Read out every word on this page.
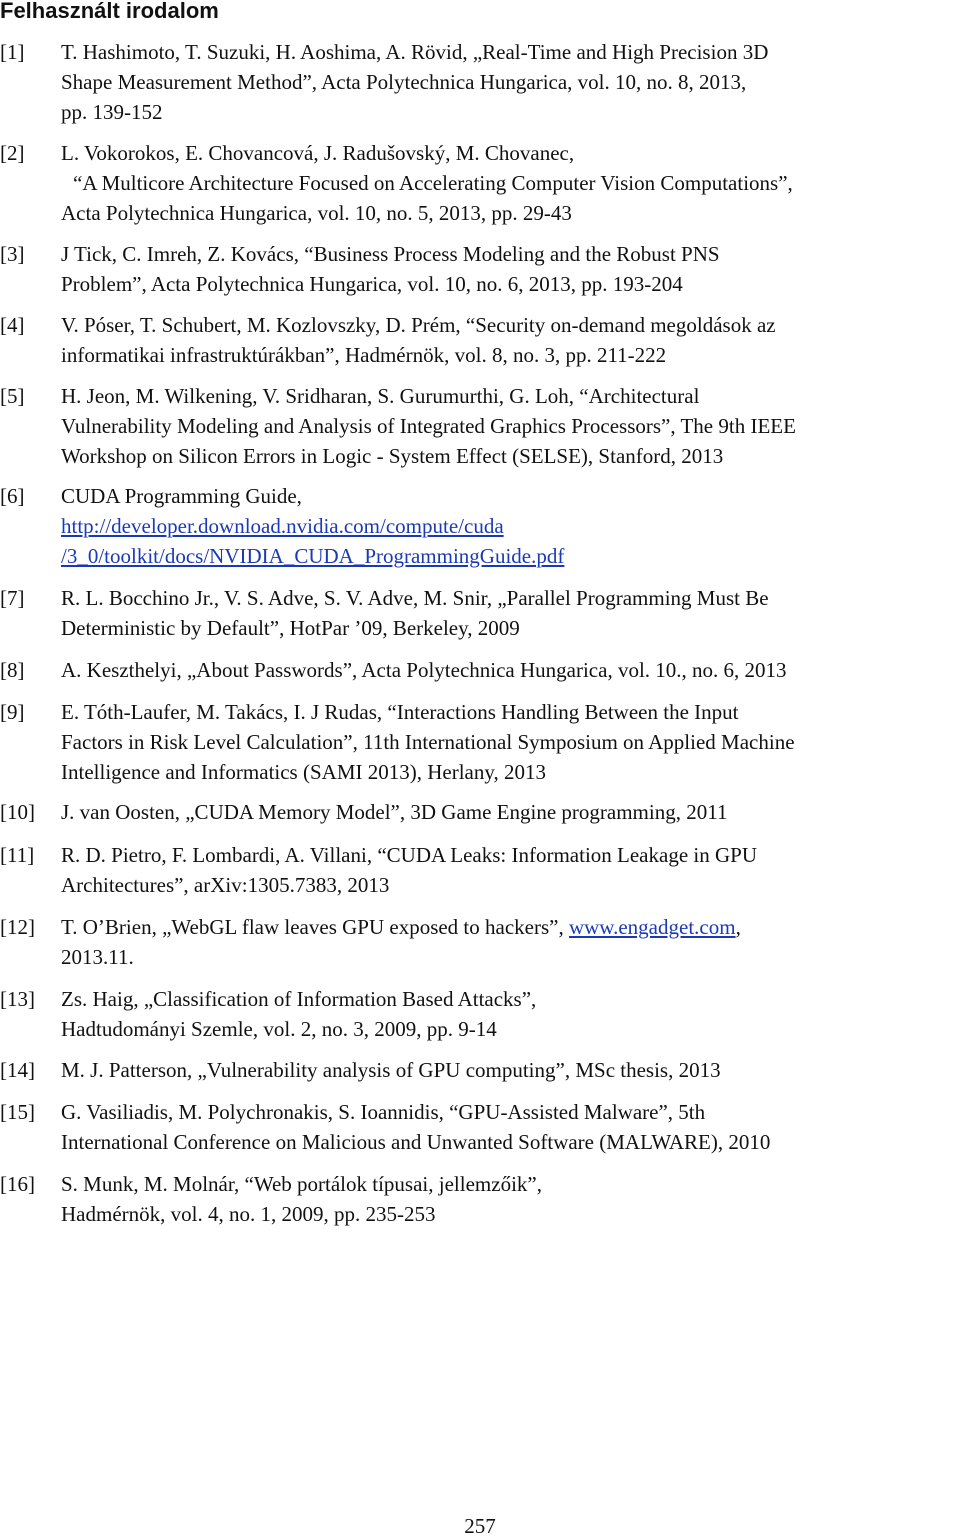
Felhasznált irodalom
[1] T. Hashimoto, T. Suzuki, H. Aoshima, A. Rövid, „Real-Time and High Precision 3D
Shape Measurement Method”, Acta Polytechnica Hungarica, vol. 10, no. 8, 2013,
pp. 139-152
[2] L. Vokorokos, E. Chovancová, J. Radušovský, M. Chovanec,
“A Multicore Architecture Focused on Accelerating Computer Vision Computations”,
Acta Polytechnica Hungarica, vol. 10, no. 5, 2013, pp. 29-43
[3] J Tick, C. Imreh, Z. Kovács, “Business Process Modeling and the Robust PNS
Problem”, Acta Polytechnica Hungarica, vol. 10, no. 6, 2013, pp. 193-204
[4] V. Póser, T. Schubert, M. Kozlovszky, D. Prém, “Security on-demand megoldások az
informatikai infrastruktúrákban”, Hadmérnök, vol. 8, no. 3, pp. 211-222
[5] H. Jeon, M. Wilkening, V. Sridharan, S. Gurumurthi, G. Loh, “Architectural
Vulnerability Modeling and Analysis of Integrated Graphics Processors”, The 9th IEEE
Workshop on Silicon Errors in Logic - System Effect (SELSE), Stanford, 2013
[6] CUDA Programming Guide,
http://developer.download.nvidia.com/compute/cuda
/3_0/toolkit/docs/NVIDIA_CUDA_ProgrammingGuide.pdf
[7] R. L. Bocchino Jr., V. S. Adve, S. V. Adve, M. Snir, „Parallel Programming Must Be
Deterministic by Default”, HotPar ’09, Berkeley, 2009
[8] A. Keszthelyi, „About Passwords”, Acta Polytechnica Hungarica, vol. 10., no. 6, 2013
[9] E. Tóth-Laufer, M. Takács, I. J Rudas, “Interactions Handling Between the Input
Factors in Risk Level Calculation”, 11th International Symposium on Applied Machine
Intelligence and Informatics (SAMI 2013), Herlany, 2013
[10] J. van Oosten, „CUDA Memory Model”, 3D Game Engine programming, 2011
[11] R. D. Pietro, F. Lombardi, A. Villani, “CUDA Leaks: Information Leakage in GPU
Architectures”, arXiv:1305.7383, 2013
[12] T. O’Brien, „WebGL flaw leaves GPU exposed to hackers”, www.engadget.com,
2013.11.
[13] Zs. Haig, „Classification of Information Based Attacks”,
Hadtudományi Szemle, vol. 2, no. 3, 2009, pp. 9-14
[14] M. J. Patterson, „Vulnerability analysis of GPU computing”, MSc thesis, 2013
[15] G. Vasiliadis, M. Polychronakis, S. Ioannidis, “GPU-Assisted Malware”, 5th
International Conference on Malicious and Unwanted Software (MALWARE), 2010
[16] S. Munk, M. Molnár, “Web portálok típusai, jellemzőik”,
Hadmérnök, vol. 4, no. 1, 2009, pp. 235-253
257
